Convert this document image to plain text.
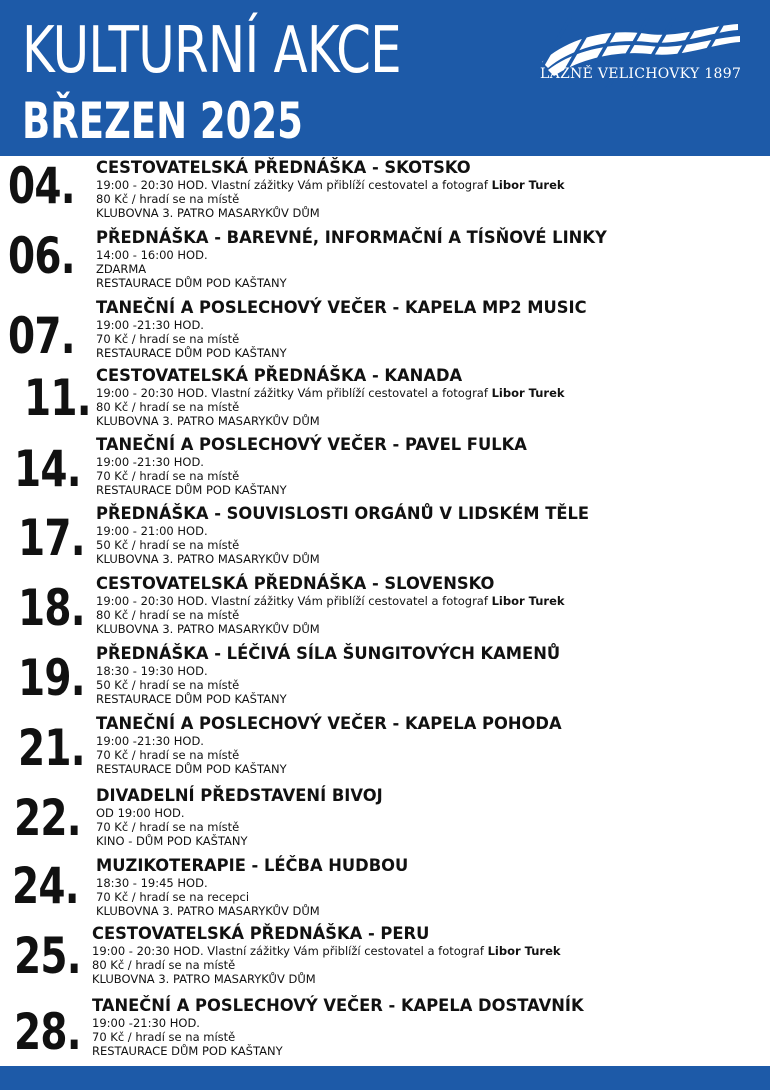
KULTURNÍ AKCE
BŘEZEN 2025
LÁZNĚ VELICHOVKY 1897
04. CESTOVATELSKÁ PŘEDNÁŠKA - SKOTSKO
19:00 - 20:30 HOD. Vlastní zážitky Vám přiblíží cestovatel a fotograf Libor Turek
80 Kč / hradí se na místě
KLUBOVNA 3. PATRO MASARYKŮV DŮM
06. PŘEDNÁŠKA - BAREVNÉ, INFORMAČNÍ A TÍSŇOVÉ LINKY
14:00 - 16:00 HOD.
ZDARMA
RESTAURACE DŮM POD KAŠTANY
07. TANEČNÍ A POSLECHOVÝ VEČER - KAPELA MP2 MUSIC
19:00 -21:30 HOD.
70 Kč / hradí se na místě
RESTAURACE DŮM POD KAŠTANY
11. CESTOVATELSKÁ PŘEDNÁŠKA - KANADA
19:00 - 20:30 HOD. Vlastní zážitky Vám přiblíží cestovatel a fotograf Libor Turek
80 Kč / hradí se na místě
KLUBOVNA 3. PATRO MASARYKŮV DŮM
14. TANEČNÍ A POSLECHOVÝ VEČER - PAVEL FULKA
19:00 -21:30 HOD.
70 Kč / hradí se na místě
RESTAURACE DŮM POD KAŠTANY
17. PŘEDNÁŠKA - SOUVISLOSTI ORGÁNŮ V LIDSKÉM TĚLE
19:00 - 21:00 HOD.
50 Kč / hradí se na místě
KLUBOVNA 3. PATRO MASARYKŮV DŮM
18. CESTOVATELSKÁ PŘEDNÁŠKA - SLOVENSKO
19:00 - 20:30 HOD. Vlastní zážitky Vám přiblíží cestovatel a fotograf Libor Turek
80 Kč / hradí se na místě
KLUBOVNA 3. PATRO MASARYKŮV DŮM
19. PŘEDNÁŠKA - LÉČIVÁ SÍLA ŠUNGITOVÝCH KAMENŮ
18:30 - 19:30 HOD.
50 Kč / hradí se na místě
RESTAURACE DŮM POD KAŠTANY
21. TANEČNÍ A POSLECHOVÝ VEČER - KAPELA POHODA
19:00 -21:30 HOD.
70 Kč / hradí se na místě
RESTAURACE DŮM POD KAŠTANY
22. DIVADELNÍ PŘEDSTAVENÍ BIVOJ
OD 19:00 HOD.
70 Kč / hradí se na místě
KINO - DŮM POD KAŠTANY
24. MUZIKOTERAPIE - LÉČBA HUDBOU
18:30 - 19:45 HOD.
70 Kč / hradí se na recepci
KLUBOVNA 3. PATRO MASARYKŮV DŮM
25. CESTOVATELSKÁ PŘEDNÁŠKA - PERU
19:00 - 20:30 HOD. Vlastní zážitky Vám přiblíží cestovatel a fotograf Libor Turek
80 Kč / hradí se na místě
KLUBOVNA 3. PATRO MASARYKŮV DŮM
28. TANEČNÍ A POSLECHOVÝ VEČER - KAPELA DOSTAVNÍK
19:00 -21:30 HOD.
70 Kč / hradí se na místě
RESTAURACE DŮM POD KAŠTANY
